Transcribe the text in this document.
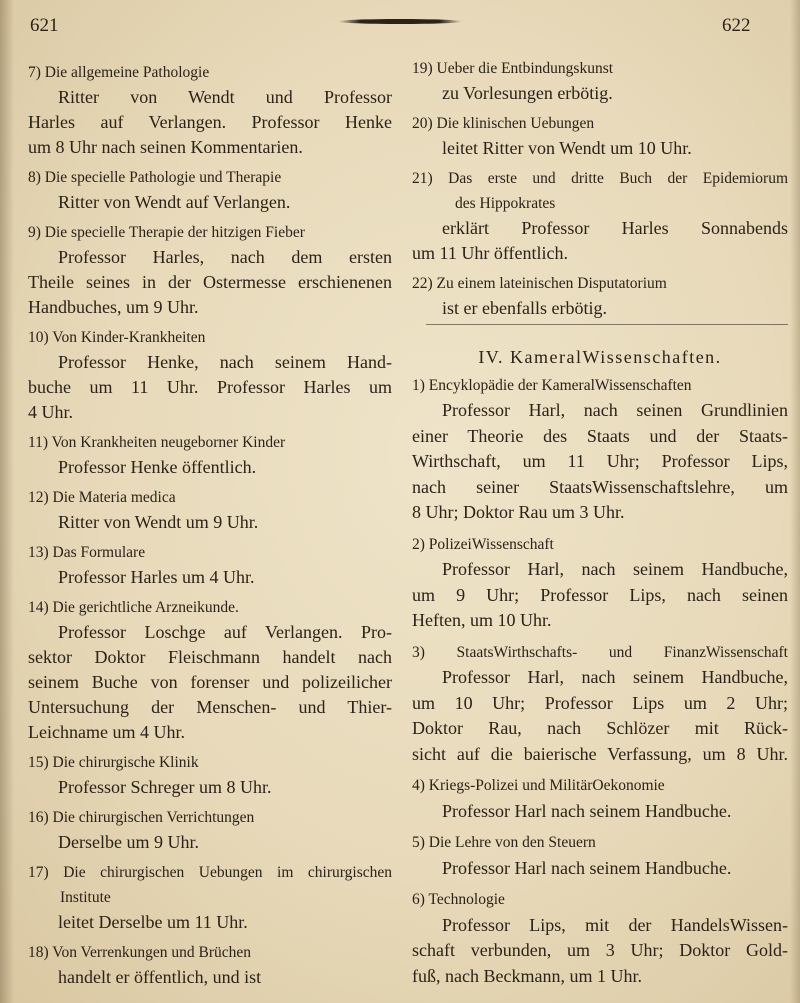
621	622
7) Die allgemeine Pathologie
Ritter von Wendt und Professor
Harles auf Verlangen. Professor Henke
um 8 Uhr nach seinen Kommentarien.
8) Die specielle Pathologie und Therapie
Ritter von Wendt auf Verlangen.
9) Die specielle Therapie der hitzigen Fieber
Professor Harles, nach dem ersten
Theile seines in der Ostermesse erschienenen
Handbuches, um 9 Uhr.
10) Von Kinder-Krankheiten
Professor Henke, nach seinem Hand-
buche um 11 Uhr. Professor Harles um
4 Uhr.
11) Von Krankheiten neugeborner Kinder
Professor Henke öffentlich.
12) Die Materia medica
Ritter von Wendt um 9 Uhr.
13) Das Formulare
Professor Harles um 4 Uhr.
14) Die gerichtliche Arzneikunde.
Professor Loschge auf Verlangen. Pro-
sektor Doktor Fleischmann handelt nach
seinem Buche von forenser und polizeilicher
Untersuchung der Menschen- und Thier-
Leichname um 4 Uhr.
15) Die chirurgische Klinik
Professor Schreger um 8 Uhr.
16) Die chirurgischen Verrichtungen
Derselbe um 9 Uhr.
17) Die chirurgischen Uebungen im chirurgischen
Institute
leitet Derselbe um 11 Uhr.
18) Von Verrenkungen und Brüchen
handelt er öffentlich, und ist
19) Ueber die Entbindungskunst
zu Vorlesungen erbötig.
20) Die klinischen Uebungen
leitet Ritter von Wendt um 10 Uhr.
21) Das erste und dritte Buch der Epidemiorum
des Hippokrates
erklärt Professor Harles Sonnabends
um 11 Uhr öffentlich.
22) Zu einem lateinischen Disputatorium
ist er ebenfalls erbötig.
IV. KameralWissenschaften.
1) Encyklopädie der KameralWissenschaften
Professor Harl, nach seinen Grundlinien
einer Theorie des Staats und der Staats-
Wirthschaft, um 11 Uhr; Professor Lips,
nach seiner StaatsWissenschaftslehre, um
8 Uhr; Doktor Rau um 3 Uhr.
2) PolizeiWissenschaft
Professor Harl, nach seinem Handbuche,
um 9 Uhr; Professor Lips, nach seinen
Heften, um 10 Uhr.
3) StaatsWirthschafts- und FinanzWissenschaft
Professor Harl, nach seinem Handbuche,
um 10 Uhr; Professor Lips um 2 Uhr;
Doktor Rau, nach Schlözer mit Rück-
sicht auf die baierische Verfassung, um 8 Uhr.
4) Kriegs-Polizei und MilitärOekonomie
Professor Harl nach seinem Handbuche.
5) Die Lehre von den Steuern
Professor Harl nach seinem Handbuche.
6) Technologie
Professor Lips, mit der HandelsWissen-
schaft verbunden, um 3 Uhr; Doktor Gold-
fuß, nach Beckmann, um 1 Uhr.
